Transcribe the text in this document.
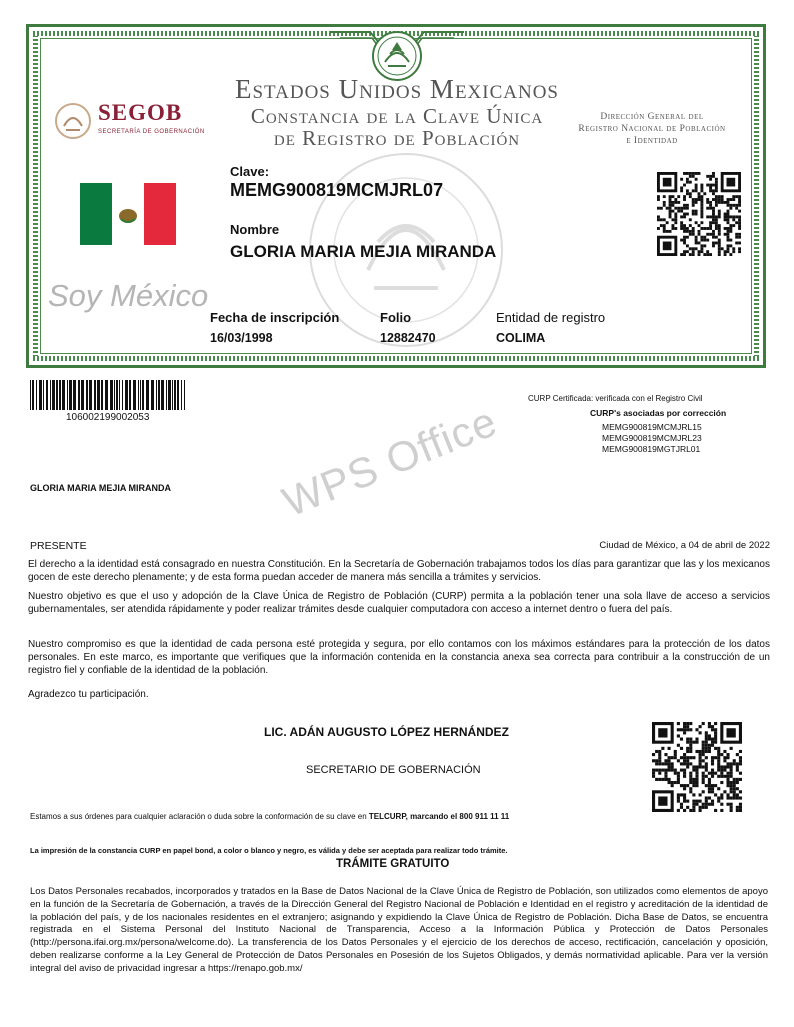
Estados Unidos Mexicanos
Constancia de la Clave Única
de Registro de Población
Dirección General del
Registro Nacional de Población
e Identidad
SEGOB
SECRETARÍA DE GOBERNACIÓN
Clave:
MEMG900819MCMJRL07
Nombre
GLORIA MARIA MEJIA MIRANDA
Soy México
Fecha de inscripción
16/03/1998
Folio
12882470
Entidad de registro
COLIMA
106002199002053
CURP Certificada: verificada con el Registro Civil
CURP's asociadas por corrección
MEMG900819MCMJRL15
MEMG900819MCMJRL23
MEMG900819MGTJRL01
GLORIA MARIA MEJIA MIRANDA	WPS Office
PRESENTE	Ciudad de México, a 04 de abril de 2022
El derecho a la identidad está consagrado en nuestra Constitución. En la Secretaría de Gobernación trabajamos todos los días para garantizar que las y los mexicanos gocen de este derecho plenamente; y de esta forma puedan acceder de manera más sencilla a trámites y servicios.
Nuestro objetivo es que el uso y adopción de la Clave Única de Registro de Población (CURP) permita a la población tener una sola llave de acceso a servicios gubernamentales, ser atendida rápidamente y poder realizar trámites desde cualquier computadora con acceso a internet dentro o fuera del país.
Nuestro compromiso es que la identidad de cada persona esté protegida y segura, por ello contamos con los máximos estándares para la protección de los datos personales. En este marco, es importante que verifiques que la información contenida en la constancia anexa sea correcta para contribuir a la construcción de un registro fiel y confiable de la identidad de la población.
Agradezco tu participación.
LIC. ADÁN AUGUSTO LÓPEZ HERNÁNDEZ
SECRETARIO DE GOBERNACIÓN
Estamos a sus órdenes para cualquier aclaración o duda sobre la conformación de su clave en TELCURP, marcando el 800 911 11 11
La impresión de la constancia CURP en papel bond, a color o blanco y negro, es válida y debe ser aceptada para realizar todo trámite.
TRÁMITE GRATUITO
Los Datos Personales recabados, incorporados y tratados en la Base de Datos Nacional de la Clave Única de Registro de Población, son utilizados como elementos de apoyo en la función de la Secretaría de Gobernación, a través de la Dirección General del Registro Nacional de Población e Identidad en el registro y acreditación de la identidad de la población del país, y de los nacionales residentes en el extranjero; asignando y expidiendo la Clave Única de Registro de Población. Dicha Base de Datos, se encuentra registrada en el Sistema Personal del Instituto Nacional de Transparencia, Acceso a la Información Pública y Protección de Datos Personales (http://persona.ifai.org.mx/persona/welcome.do). La transferencia de los Datos Personales y el ejercicio de los derechos de acceso, rectificación, cancelación y oposición, deben realizarse conforme a la Ley General de Protección de Datos Personales en Posesión de los Sujetos Obligados, y demás normatividad aplicable. Para ver la versión integral del aviso de privacidad ingresar a https://renapo.gob.mx/
